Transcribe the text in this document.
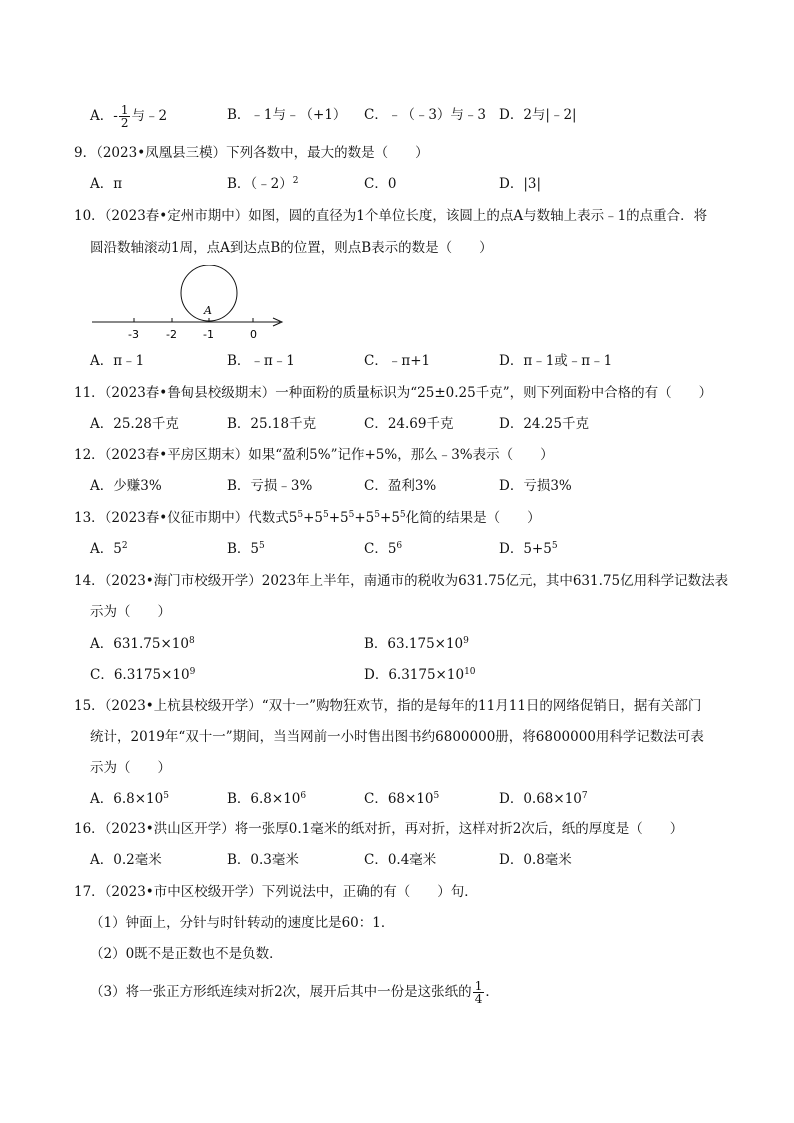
A．- $\frac{1}{2}$ 与﹣2	B．﹣1与﹣（+1） C．﹣（﹣3）与﹣3 D．2与|﹣2|
9．（2023•凤凰县三模）下列各数中，最大的数是（　　）
A．π	B．（﹣2）$^2$	C．0	D．|3|
10．（2023春•定州市期中）如图，圆的直径为1个单位长度，该圆上的点A与数轴上表示﹣1的点重合．将
圆沿数轴滚动1周，点A到达点B的位置，则点B表示的数是（　　）
A
-3 -2 -1	0
A．π﹣1	B．﹣π﹣1	C．﹣π+1	D．π﹣1或﹣π﹣1
11．（2023春•鲁甸县校级期末）一种面粉的质量标识为“25±0.25千克”，则下列面粉中合格的有（　　）
A．25.28千克	B．25.18千克	C．24.69千克	D．24.25千克
12．（2023春•平房区期末）如果“盈利5%”记作+5%，那么﹣3%表示（　　）
A．少赚3%	B．亏损﹣3%	C．盈利3%	D．亏损3%
13．（2023春•仪征市期中）代数式$5^5+5^5+5^5+5^5+5^5$化简的结果是（　　）
A．$5^2$	B．$5^5$	C．$5^6$	D．$5+5^5$
14．（2023•海门市校级开学）2023年上半年，南通市的税收为631.75亿元，其中631.75亿用科学记数法表
示为（　　）
A．$631.75\times 10^8$	B．$63.175\times 10^9$
C．$6.3175\times 10^9$	D．$6.3175\times 10^{10}$
15．（2023•上杭县校级开学）“双十一”购物狂欢节，指的是每年的11月11日的网络促销日，据有关部门
统计，2019年“双十一”期间，当当网前一小时售出图书约6800000册，将6800000用科学记数法可表
示为（　　）
A．$6.8\times 10^5$	B．$6.8\times 10^6$	C．$68\times 10^5$	D．$0.68\times 10^7$
16．（2023•洪山区开学）将一张厚0.1毫米的纸对折，再对折，这样对折2次后，纸的厚度是（　　）
A．0.2毫米	B．0.3毫米	C．0.4毫米	D．0.8毫米
17．（2023•市中区校级开学）下列说法中，正确的有（　　）句．
（1）钟面上，分针与时针转动的速度比是60：1．
（2）0既不是正数也不是负数．
（3）将一张正方形纸连续对折2次，展开后其中一份是这张纸的 $\frac{1}{4}$ ．
